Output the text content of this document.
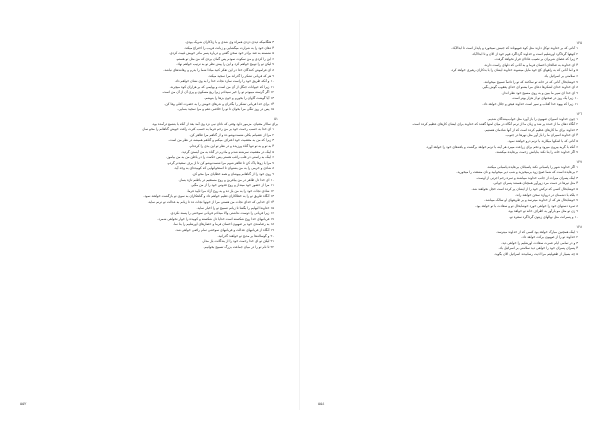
۳ هنگامیکه دیدی دزدی همراه وی شدی و با زناکاران شریک بودی.
۴ دهان خود را به شرارت میگشایی و زبانت فریب را اختراع میکند.
۵ نشسته به ضد برادر خود سخن گفتی و درباره پسر مادر خویش غیبت کردی.
۶ این را کردی و من سکوت نمودم پس گمان بردی که من مثل تو هستم.
۷ لیکن تو را توبیخ خواهم کرد و این را پیش نظر تو به ترتیب خواهم نهاد.
۸ ای فراموش کنندگان خدا در این تفکر کنید مبادا شما را بدرم و رهانندهای نباشد.
۹ هر که قربانی تشکر را گذراند مرا تمجید میکند.
۱۰ و آنکه طریق خود را راست سازد نجات خدا را به وی نشان خواهم داد.
۱۱ زیرا که حیوانات جنگل از آن من است و بهایمی که بر هزاران کوه میچرند.
۱۲ اگر گرسنه میبودم تو را خبر نمیدادم زیرا ربع مسکون و پری آن از آن من است.
۱۳ آیا گوشت گاوان را بخورم و خون بزها را بنوشم.
۱۴ برای خدا قربانی تشکر را بگذران و نذرهای خویش را به حضرت اعلی وفا کن.
۱۵ پس در روز تنگی مرا بخوان تا تو را خلاصی دهم و مرا تمجید بنمایی.
٥١
برای سالار مغنیان. مزمور داود وقتی که ناتان نبی نزد وی آمد بعد از آنکه با بتشبع درآمده بود.
۱ ای خدا به حسب رحمت خود بر من رحم فرما به حسب کثرت رأفت خویش گناهانم را محو ساز.
۲ مرا از عصیانم بکلی شست‌وشو ده و از گناهم مرا طاهر کن.
۳ زیرا که من به معصیت خود اعتراف میکنم و گناهم همیشه در نظر من است.
۴ به تو و به تو تنها گناه ورزیده و در نظر تو این بدی را کرده‌ام.
۵ اینک در معصیت سرشته شدم و مادرم در گناه به من آبستن گردید.
۶ اینک به راستی در قلب راغب هستی پس حکمت را در باطن من به من بیاموز.
۷ مرا با زوفا پاک کن تا طاهر شوم مرا شست‌وشو کن تا از برف سفیدتر گردم.
۸ شادی و خرمی را به من بشنوان تا استخوانهایی که کوبیده‌ای به وجد آید.
۹ روی خود را از گناهانم بپوشان و همه خطایای مرا محو کن.
۱۰ ای خدا دل طاهر در من بیافرین و روح مستقیم در باطنم تازه بساز.
۱۱ مرا از حضور خود مینداز و روح قدوس خود را از من مگیر.
۱۲ شادی نجات خود را به من باز ده و به روح آزاد مرا تأیید فرما.
۱۳ آنگاه طریق تو را به خطاکاران تعلیم خواهم داد و گناهکاران به سوی تو بازگشت خواهند نمود.
۱۴ ای خدایی که خدای نجات من هستی مرا از خونها نجات ده تا زبانم به عدالت تو ترنم نماید.
۱۵ خداوندا لبهایم را بگشا تا زبانم تسبیح تو را اخبار نماید.
۱۶ زیرا قربانی را دوست نداشتی والا میدادم قربانی سوختنی را پسند نکردی.
۱۷ قربانیهای خدا روح شکسته است خدایا دل شکسته و کوبیده را خوار نخواهی شمرد.
۱۸ به رضامندی خود بر صهیون احسان فرما و حصارهای اورشلیم را بنا نما.
۱۹ آنگاه از قربانیهای عدالت و قربانیهای سوختنی تمام راضی خواهی شد.
۲۰ و گوساله‌ها بر مذبح تو خواهند گذرانید.
۲۱ لیکن تو ای خدا رحمت خود را از بندگانت باز مدار.
۲۲ تا نام تو را در میان جماعت بزرگ تسبیح بخوانیم.
١٢٥
۱ آنانی که بر خداوند توکل دارند مثل کوه صهیوناند که جنبش نمیخورد و پایدار است تا ابدالآباد.
۲ کوهها گرداگرد اورشلیم است و خداوند گرداگرد قوم خود از الان و تا ابدالآباد.
۳ زیرا که عصای شریران بر نصیب عادلان قرار نخواهد گرفت.
۴ ای خداوند به صالحان احسان فرما و به آنانی که دلهای راست دارند.
۵ و اما آنانی که به راههای کج خود مایل میشوند خداوند ایشان را با بدکاران رهبری خواهد کرد.
۶ سلامتی بر اسرائیل باد.
۷ خوشابحال آنانی که در خانه تو ساکنند که تو را دائماً تسبیح میخوانند.
۸ ای خداوند خدای لشکرها دعای مرا بشنو ای خدای یعقوب گوش بگیر.
۹ ای خدا ای سپر ما ببین و به روی مسیح خود نظر انداز.
۱۰ زیرا یک روز در صحنهای تو از هزار بهتر است.
۱۱ زیرا که یهوه خدا آفتاب و سپر است خداوند فیض و جلال خواهد داد.
١٢٦
۱ چون خداوند اسیران صهیون را باز آورد مثل خواب‌بینندگان شدیم.
۲ آنگاه دهان ما از خنده پر شد و زبان ما از ترنم آنگاه در میان امتها گفتند که خداوند برای ایشان کارهای عظیم کرده است.
۳ خداوند برای ما کارهای عظیم کرده است که از آنها شادمان هستیم.
۴ ای خداوند اسیران ما را باز آور مثل نهرها در جنوب.
۵ آنانی که با اشکها میکارند با ترنم درو خواهند نمود.
۶ آنکه با گریه بیرون میرود و تخم برای زراعت میبرد هر آینه با ترنم خواهد برگشت و بافه‌های خود را خواهد آورد.
۷ اگر خداوند خانه را بنا نکند بنایانش زحمت بی‌فایده میکشند.
١٢٧
۱ اگر خداوند شهر را پاسبانی نکند پاسبانان بی‌فایده پاسبانی میکنند.
۲ بی‌فایده است که شما صبح زود برمیخیزید و شب دیر میخوابید و نان مشقت را میخورید.
۳ اینک پسران میراث از جانب خداوند میباشند و ثمره رحم اجرتی از اوست.
۴ مثل تیرها در دست مرد زورآور همچنان هستند پسران جوانی.
۵ خوشابحال کسی که ترکش خود را از ایشان پر کرده است خجل نخواهند شد.
۶ بلکه با دشمنان در دروازه سخن خواهند راند.
۷ خوشابحال هر که از خداوند میترسد و بر طریقهای او سالک میباشد.
۸ ثمره دستهای خود را خواهی خورد خوشابحال تو و سعادت با تو خواهد بود.
۹ زن تو مثل مو بارآور به اطراف خانه تو خواهد بود.
۱۰ و پسرانت مثل نهالهای زیتون گرداگرد سفره تو.
١٢٨
۱ اینک همچنین مبارک خواهد بود کسی که از خداوند میترسد.
۲ خداوند تو را از صهیون برکت خواهد داد.
۳ و در تمامی ایام عمرت سعادت اورشلیم را خواهی دید.
۴ پسران پسران خود را خواهی دید سلامتی بر اسرائیل باد.
۵ چه بسیار از طفولیتم مرا اذیت رسانیدند اسرائیل الان بگوید.
٥٥٢	٥٥٤
